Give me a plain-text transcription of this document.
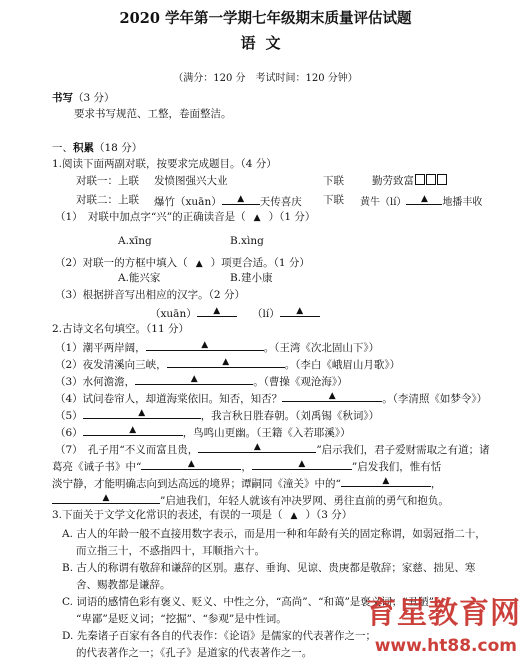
2020 学年第一学期七年级期末质量评估试题
语文
（满分：120 分　考试时间：120 分钟）
书写（3 分）
要求书写规范、工整，卷面整洁。
一、积累（18 分）
1.阅读下面两副对联，按要求完成题目。（4 分）
对联一：上联 发愤图强兴大业	下联	勤劳致富
对联二：上联 爆竹（xuān）	▲	天传喜庆 下联 黄牛（lí）	▲	地播丰收
（1）　对联中加点字“兴”的正确读音是（ ▲ ）（1 分）
A.xīng	B.xìng
（2）对联一的方框中填入（ ▲ ）项更合适。（1 分）
A.能兴家	B.建小康
（3）根据拼音写出相应的汉字。（2 分）
（xuān）	▲	（lí）	▲
2.古诗文名句填空。（11 分）
（1）潮平两岸阔，	▲	。（王湾《次北固山下》）
（2）夜发清溪向三峡，	▲	。（李白《峨眉山月歌》）
（3）水何澹澹，	▲	。（曹操《观沧海》）
（4）试问卷帘人，却道海棠依旧。知否，知否？	▲	。（李清照《如梦令》）
（5）	▲	，我言秋日胜春朝。（刘禹锡《秋词》）
（6）	▲	，鸟鸣山更幽。（王籍《入若耶溪》）
（7）　孔子用“不义而富且贵，	▲	”启示我们，君子爱财需取之有道；诸
葛亮《诫子书》中“	▲	，	▲	”启发我们，惟有恬
淡宁静，才能明确志向到达高远的境界；谭嗣同《潼关》中的“	▲	，
▲	”启迪我们，年轻人就该有冲决罗网、勇往直前的勇气和抱负。
3.下面关于文学文化常识的表述，有误的一项是（ ▲ ）（3 分）
A. 古人的年龄一般不直接用数字表示，而是用一种和年龄有关的固定称谓，如弱冠指二十，
而立指三十，不惑指四十，耳顺指六十。
B. 古人的称谓有敬辞和谦辞的区别。惠存、垂询、见谅、贵庚都是敬辞；家慈、拙见、寒
舍、赐教都是谦辞。
C. 词语的感情色彩有褒义、贬义、中性之分，“高尚”、“和蔼”是褒义词；“丑陋”、
“卑鄙”是贬义词；“挖掘”、“参观”是中性词。
D. 先秦诸子百家有各自的代表作：《论语》是儒家的代表著作之一；
的代表著作之一；《孔子》是道家的代表著作之一。
育星教育网
www.ht88.com
